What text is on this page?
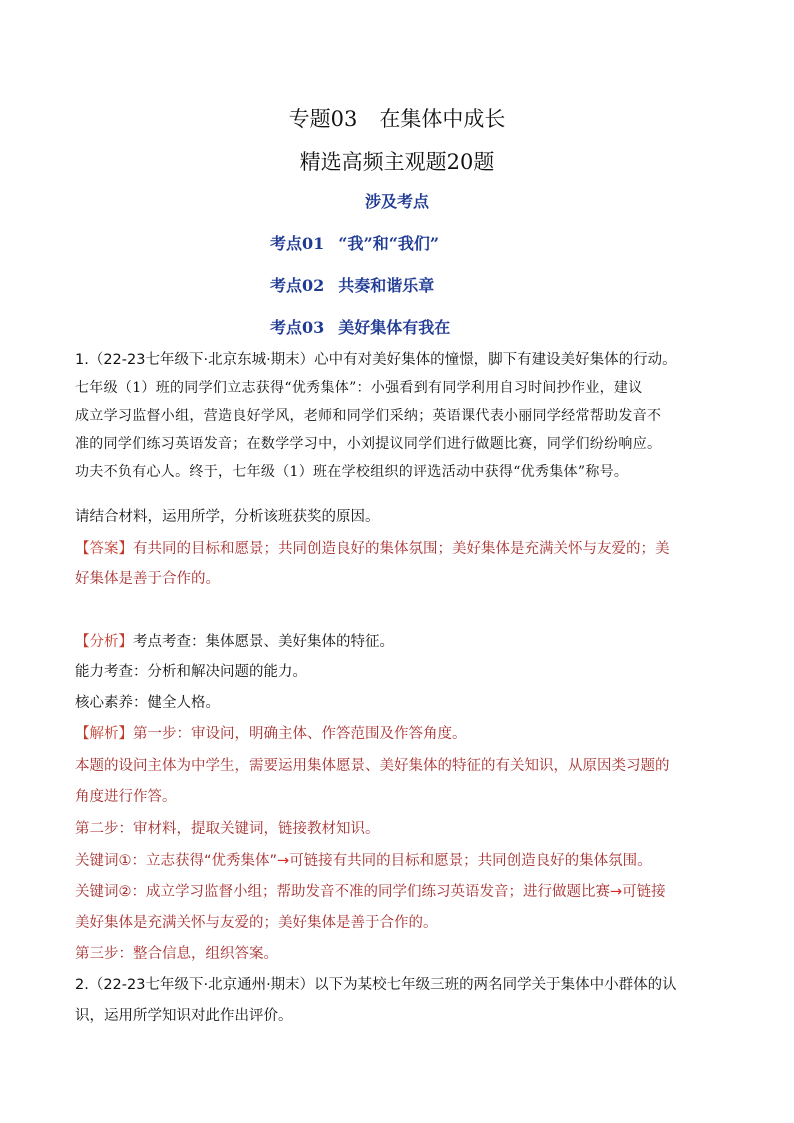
专题03 在集体中成长
精选高频主观题20题
涉及考点
考点01 “我”和“我们”
考点02 共奏和谐乐章
考点03 美好集体有我在
1.（22-23七年级下·北京东城·期末）心中有对美好集体的憧憬，脚下有建设美好集体的行动。
七年级（1）班的同学们立志获得“优秀集体”：小强看到有同学利用自习时间抄作业，建议
成立学习监督小组，营造良好学风，老师和同学们采纳；英语课代表小丽同学经常帮助发音不
准的同学们练习英语发音；在数学学习中，小刘提议同学们进行做题比赛，同学们纷纷响应。
功夫不负有心人。终于，七年级（1）班在学校组织的评选活动中获得“优秀集体”称号。
请结合材料，运用所学，分析该班获奖的原因。
【答案】有共同的目标和愿景；共同创造良好的集体氛围；美好集体是充满关怀与友爱的；美
好集体是善于合作的。
【分析】考点考查：集体愿景、美好集体的特征。
能力考查：分析和解决问题的能力。
核心素养：健全人格。
【解析】第一步：审设问，明确主体、作答范围及作答角度。
本题的设问主体为中学生，需要运用集体愿景、美好集体的特征的有关知识，从原因类习题的
角度进行作答。
第二步：审材料，提取关键词，链接教材知识。
关键词①：立志获得“优秀集体”→可链接有共同的目标和愿景；共同创造良好的集体氛围。
关键词②：成立学习监督小组；帮助发音不准的同学们练习英语发音；进行做题比赛→可链接
美好集体是充满关怀与友爱的；美好集体是善于合作的。
第三步：整合信息，组织答案。
2.（22-23七年级下·北京通州·期末）以下为某校七年级三班的两名同学关于集体中小群体的认
识，运用所学知识对此作出评价。
